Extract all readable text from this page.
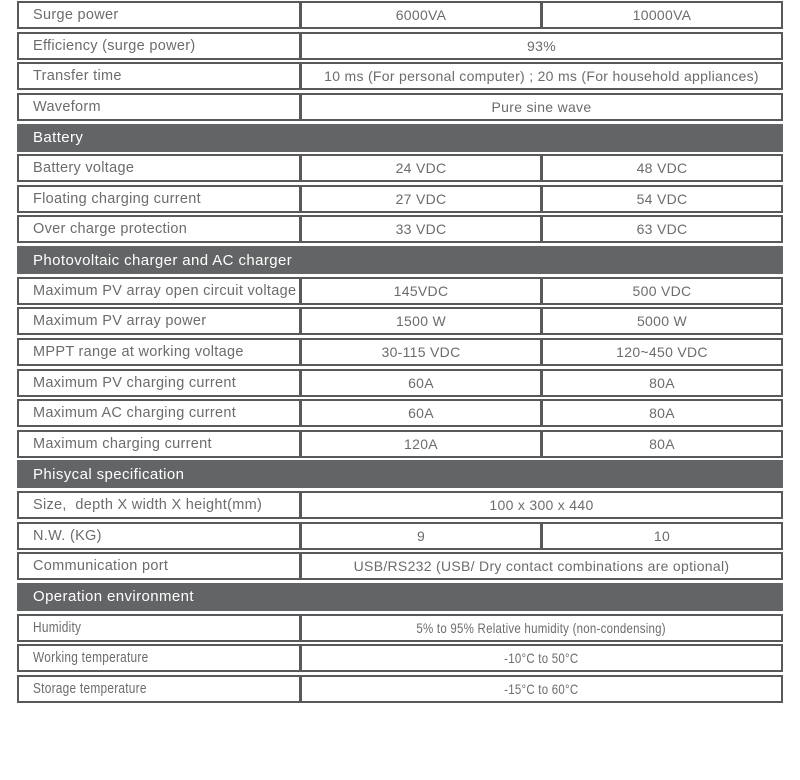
Surge power	6000VA	10000VA
Efficiency (surge power)	93%
Transfer time	10 ms (For personal computer) ; 20 ms (For household appliances)
Waveform	Pure sine wave
Battery
Battery voltage	24 VDC	48 VDC
Floating charging current	27 VDC	54 VDC
Over charge protection	33 VDC	63 VDC
Photovoltaic charger and AC charger
Maximum PV array open circuit voltage	145VDC	500 VDC
Maximum PV array power	1500 W	5000 W
MPPT range at working voltage	30-115 VDC	120~450 VDC
Maximum PV charging current	60A	80A
Maximum AC charging current	60A	80A
Maximum charging current	120A	80A
Phisycal specification
Size,  depth X width X height(mm)	100 x 300 x 440
N.W. (KG)	9	10
Communication port	USB/RS232 (USB/ Dry contact combinations are optional)
Operation environment
Humidity	5% to 95% Relative humidity (non-condensing)
Working temperature	-10°C to 50°C
Storage temperature	-15°C to 60°C
